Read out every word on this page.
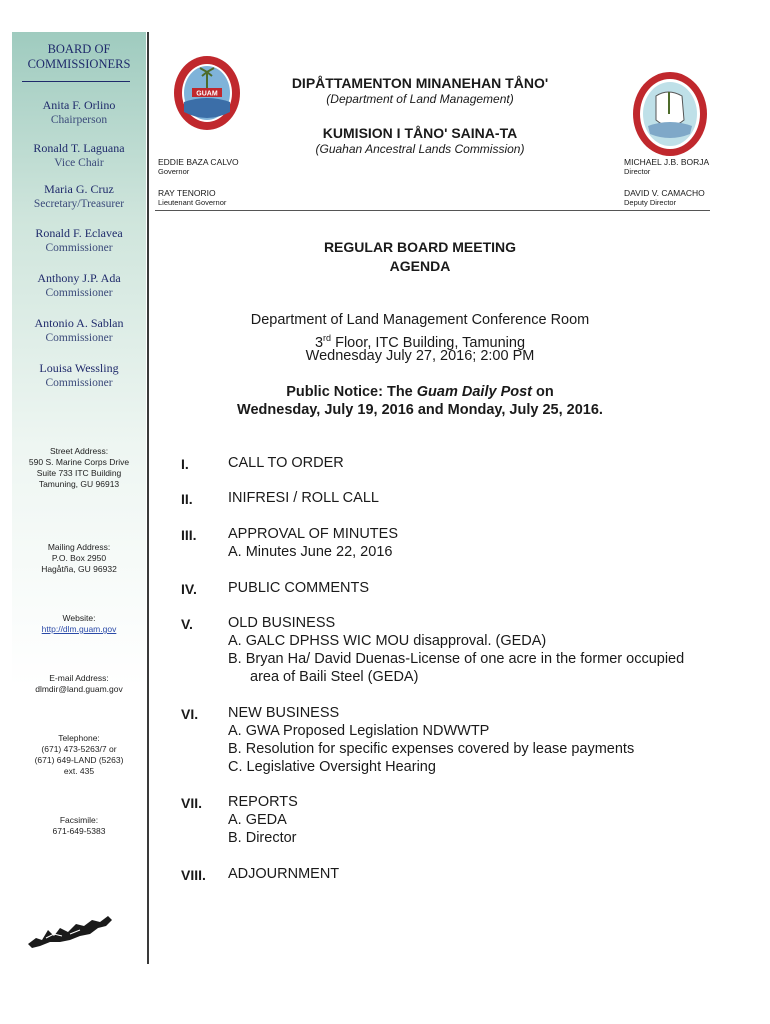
BOARD OF COMMISSIONERS
Anita F. Orlino
Chairperson
Ronald T. Laguana
Vice Chair
Maria G. Cruz
Secretary/Treasurer
Ronald F. Eclavea
Commissioner
Anthony J.P. Ada
Commissioner
Antonio A. Sablan
Commissioner
Louisa Wessling
Commissioner
Street Address:
590 S. Marine Corps Drive
Suite 733 ITC Building
Tamuning, GU 96913
Mailing Address:
P.O. Box 2950
Hagåtña, GU 96932
Website:
http://dlm.guam.gov
E-mail Address:
dlmdir@land.guam.gov
Telephone:
(671) 473-5263/7 or
(671) 649-LAND (5263)
ext. 435
Facsimile:
671-649-5383
GUAM
DIPÅTTAMENTON MINANEHAN TÅNO'
(Department of Land Management)
KUMISION I TÅNO' SAINA-TA
(Guahan Ancestral Lands Commission)
EDDIE BAZA CALVO
Governor
RAY TENORIO
Lieutenant Governor
MICHAEL J.B. BORJA
Director
DAVID V. CAMACHO
Deputy Director
REGULAR BOARD MEETING
AGENDA
Department of Land Management Conference Room
3rd Floor, ITC Building, Tamuning
Wednesday July 27, 2016; 2:00 PM
Public Notice: The Guam Daily Post on
Wednesday, July 19, 2016 and Monday, July 25, 2016.
I.	CALL TO ORDER
II.	INIFRESI / ROLL CALL
III.	APPROVAL OF MINUTES
A. Minutes June 22, 2016
IV.	PUBLIC COMMENTS
V.	OLD BUSINESS
A. GALC DPHSS WIC MOU disapproval. (GEDA)
B. Bryan Ha/ David Duenas-License of one acre in the former occupied
area of Baili Steel (GEDA)
VI.	NEW BUSINESS
A. GWA Proposed Legislation NDWWTP
B. Resolution for specific expenses covered by lease payments
C. Legislative Oversight Hearing
VII.	REPORTS
A. GEDA
B. Director
VIII.	ADJOURNMENT
